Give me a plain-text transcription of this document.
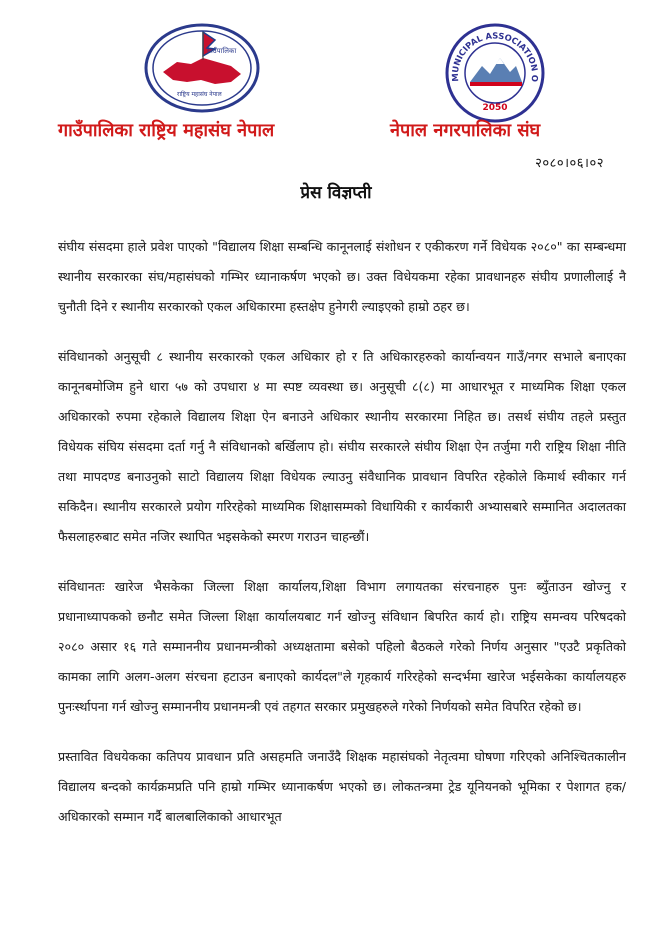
गाउँपालिका
राष्ट्रिय महासंघ नेपाल
MUNICIPAL ASSOCIATION O
2050
गाउँपालिका राष्ट्रिय महासंघ नेपाल	नेपाल नगरपालिका संघ
२०८०।०६।०२
प्रेस विज्ञप्ती

संघीय संसदमा हाले प्रवेश पाएको "विद्यालय शिक्षा सम्बन्धि कानूनलाई संशोधन र एकीकरण गर्ने विधेयक २०८०" का सम्बन्धमा स्थानीय सरकारका संघ/महासंघको गम्भिर ध्यानाकर्षण भएको छ। उक्त विधेयकमा रहेका प्रावधानहरु संघीय प्रणालीलाई नै चुनौती दिने र स्थानीय सरकारको एकल अधिकारमा हस्तक्षेप हुनेगरी ल्याइएको हाम्रो ठहर छ।

संविधानको अनुसूची ८ स्थानीय सरकारको एकल अधिकार हो र ति अधिकारहरुको कार्यान्वयन गाउँ/नगर सभाले बनाएका कानूनबमोजिम हुने धारा ५७ को उपधारा ४ मा स्पष्ट व्यवस्था छ। अनुसूची ८(८) मा आधारभूत र माध्यमिक शिक्षा एकल अधिकारको रुपमा रहेकाले विद्यालय शिक्षा ऐन बनाउने अधिकार स्थानीय सरकारमा निहित छ। तसर्थ संघीय तहले प्रस्तुत विधेयक संघिय संसदमा दर्ता गर्नु नै संविधानको बर्खिलाप हो। संघीय सरकारले संघीय शिक्षा ऐन तर्जुमा गरी राष्ट्रिय शिक्षा नीति तथा मापदण्ड बनाउनुको साटो विद्यालय शिक्षा विधेयक ल्याउनु संवैधानिक प्रावधान विपरित रहेकोले किमार्थ स्वीकार गर्न सकिदैन। स्थानीय सरकारले प्रयोग गरिरहेको माध्यमिक शिक्षासम्मको विधायिकी र कार्यकारी अभ्यासबारे सम्मानित अदालतका फैसलाहरुबाट समेत नजिर स्थापित भइसकेको स्मरण गराउन चाहन्छौं।

संविधानतः खारेज भैसकेका जिल्ला शिक्षा कार्यालय,शिक्षा विभाग लगायतका संरचनाहरु पुनः ब्युँताउन खोज्नु र प्रधानाध्यापकको छनौट समेत जिल्ला शिक्षा कार्यालयबाट गर्न खोज्नु संविधान बिपरित कार्य हो। राष्ट्रिय समन्वय परिषदको २०८० असार १६ गते सम्माननीय प्रधानमन्त्रीको अध्यक्षतामा बसेको पहिलो बैठकले गरेको निर्णय अनुसार "एउटै प्रकृतिको कामका लागि अलग-अलग संरचना हटाउन बनाएको कार्यदल"ले गृहकार्य गरिरहेको सन्दर्भमा खारेज भईसकेका कार्यालयहरु पुनःर्स्थापना गर्न खोज्नु सम्माननीय प्रधानमन्त्री एवं तहगत सरकार प्रमुखहरुले गरेको निर्णयको समेत विपरित रहेको छ।

प्रस्तावित विधयेकका कतिपय प्रावधान प्रति असहमति जनाउँदै शिक्षक महासंघको नेतृत्वमा घोषणा गरिएको अनिश्चितकालीन विद्यालय बन्दको कार्यक्रमप्रति पनि हाम्रो गम्भिर ध्यानाकर्षण भएको छ। लोकतन्त्रमा ट्रेड यूनियनको भूमिका र पेशागत हक/अधिकारको सम्मान गर्दै बालबालिकाको आधारभूत
